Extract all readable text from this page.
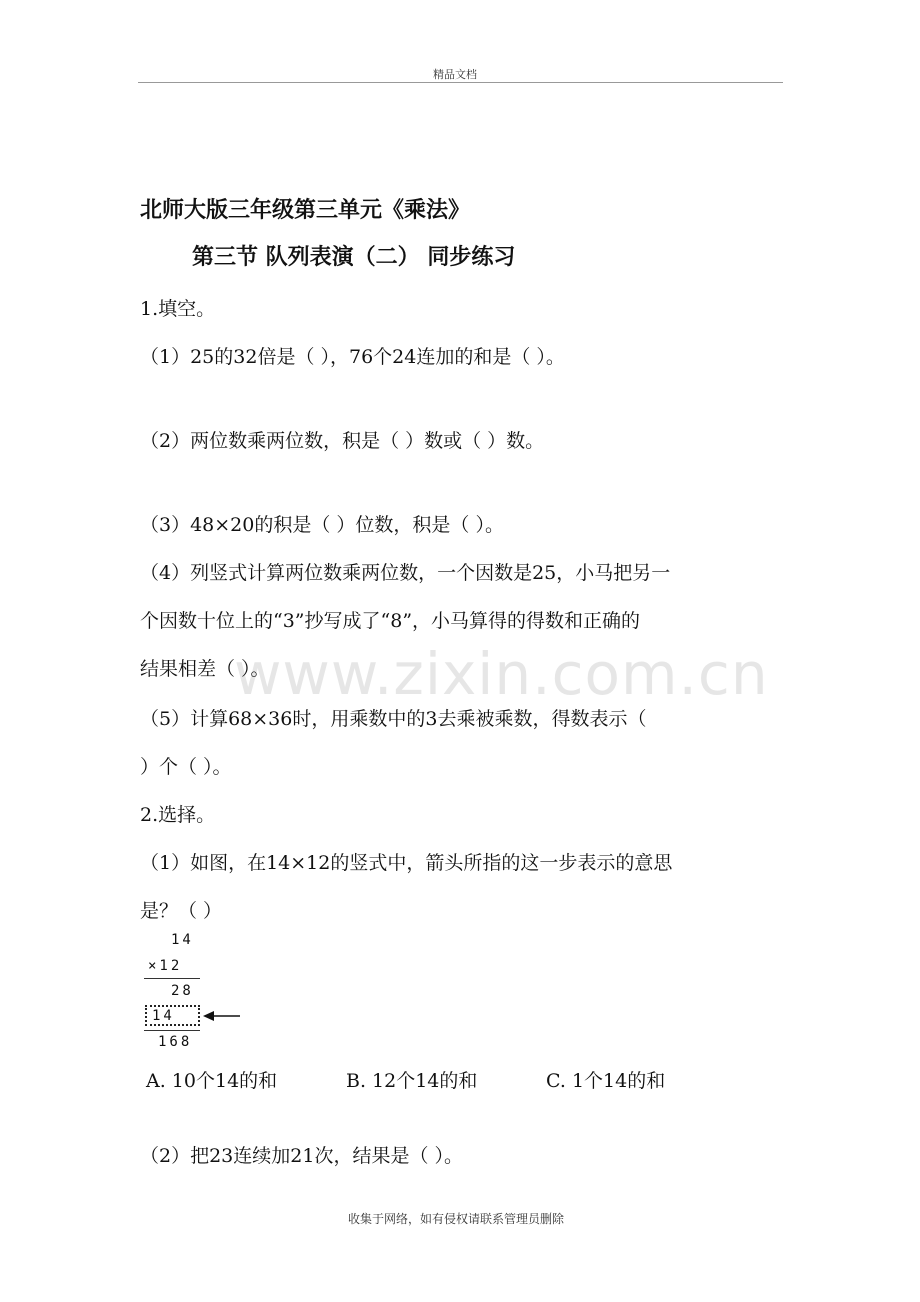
精品文档
www.zixin.com.cn
北师大版三年级第三单元《乘法》
第三节 队列表演（二） 同步练习
1.填空。
（1）25的32倍是（ ），76个24连加的和是（ ）。
（2）两位数乘两位数，积是（ ）数或（ ）数。
（3）48×20的积是（ ）位数，积是（ ）。
（4）列竖式计算两位数乘两位数，一个因数是25，小马把另一
个因数十位上的“3”抄写成了“8”，小马算得的得数和正确的
结果相差（ ）。
（5）计算68×36时，用乘数中的3去乘被乘数，得数表示（
）个（ ）。
2.选择。
（1）如图，在14×12的竖式中，箭头所指的这一步表示的意思
是？（ ）
14
×12
28
14
168
A. 10个14的和	B. 12个14的和	C. 1个14的和
（2）把23连续加21次，结果是（ ）。
收集于网络，如有侵权请联系管理员删除
